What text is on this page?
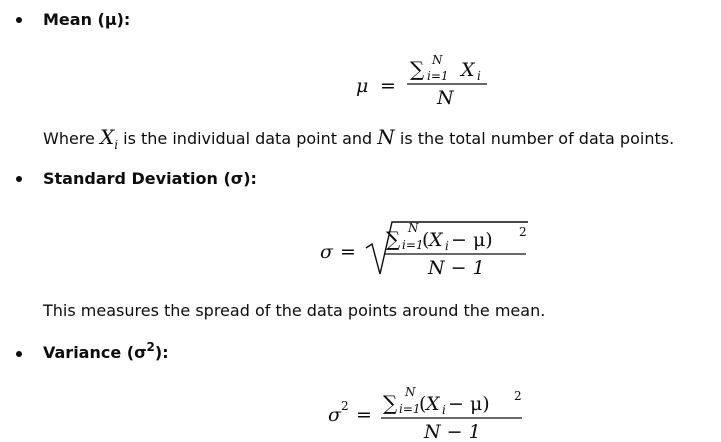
Mean (μ):
μ =
∑ N
i=1 X i
N
Where $X_i$ is the individual data point and N is the total number of data points.
Standard Deviation (σ):
σ =
∑ N
i=1
( X i − μ) 2
N − 1
This measures the spread of the data points around the mean.
Variance $(\sigma^2)$:
σ 2 = ∑ N
i=1
( X i − μ) 2
N − 1
